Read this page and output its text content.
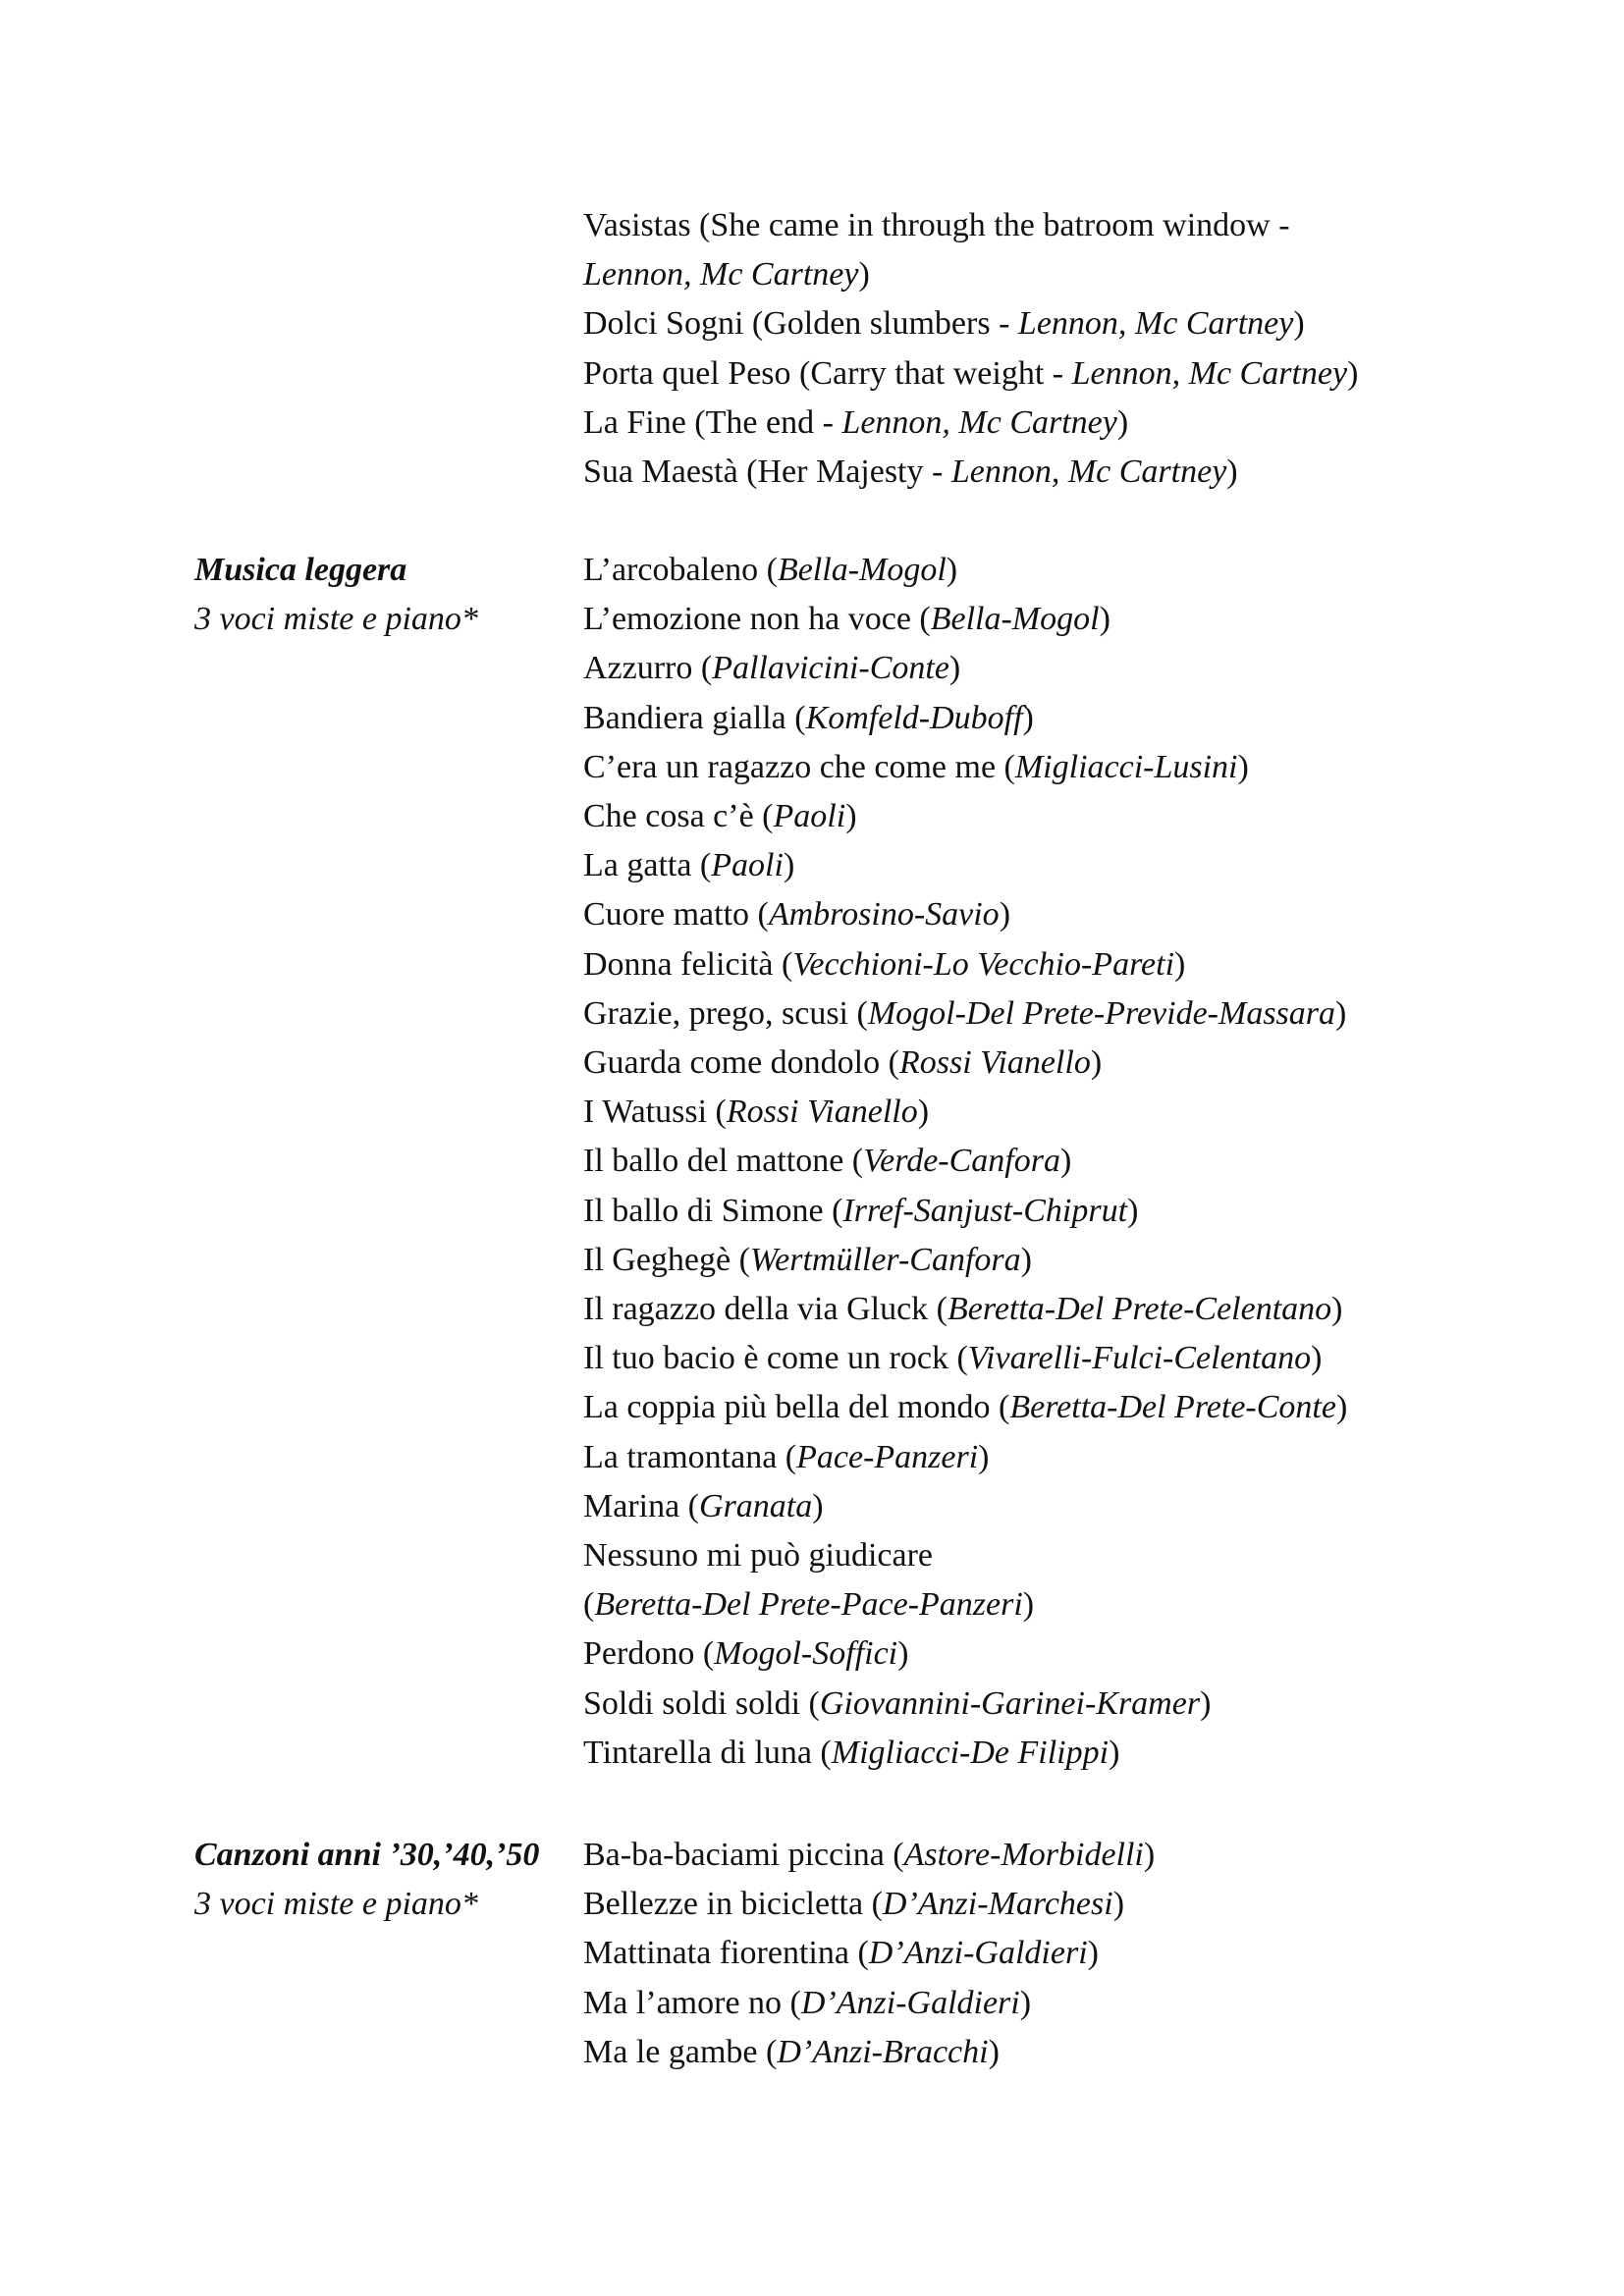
Vasistas (She came in through the batroom window -
Lennon, Mc Cartney)
Dolci Sogni (Golden slumbers - Lennon, Mc Cartney)
Porta quel Peso (Carry that weight - Lennon, Mc Cartney)
La Fine (The end - Lennon, Mc Cartney)
Sua Maestà (Her Majesty - Lennon, Mc Cartney)
Musica leggera
3 voci miste e piano*
L’arcobaleno (Bella-Mogol)
L’emozione non ha voce (Bella-Mogol)
Azzurro (Pallavicini-Conte)
Bandiera gialla (Komfeld-Duboff)
C’era un ragazzo che come me (Migliacci-Lusini)
Che cosa c’è (Paoli)
La gatta (Paoli)
Cuore matto (Ambrosino-Savio)
Donna felicità (Vecchioni-Lo Vecchio-Pareti)
Grazie, prego, scusi (Mogol-Del Prete-Previde-Massara)
Guarda come dondolo (Rossi Vianello)
I Watussi (Rossi Vianello)
Il ballo del mattone (Verde-Canfora)
Il ballo di Simone (Irref-Sanjust-Chiprut)
Il Geghegè (Wertmüller-Canfora)
Il ragazzo della via Gluck (Beretta-Del Prete-Celentano)
Il tuo bacio è come un rock (Vivarelli-Fulci-Celentano)
La coppia più bella del mondo (Beretta-Del Prete-Conte)
La tramontana (Pace-Panzeri)
Marina (Granata)
Nessuno mi può giudicare
(Beretta-Del Prete-Pace-Panzeri)
Perdono (Mogol-Soffici)
Soldi soldi soldi (Giovannini-Garinei-Kramer)
Tintarella di luna (Migliacci-De Filippi)
Canzoni anni ’30,’40,’50
3 voci miste e piano*
Ba-ba-baciami piccina (Astore-Morbidelli)
Bellezze in bicicletta (D’Anzi-Marchesi)
Mattinata fiorentina (D’Anzi-Galdieri)
Ma l’amore no (D’Anzi-Galdieri)
Ma le gambe (D’Anzi-Bracchi)
